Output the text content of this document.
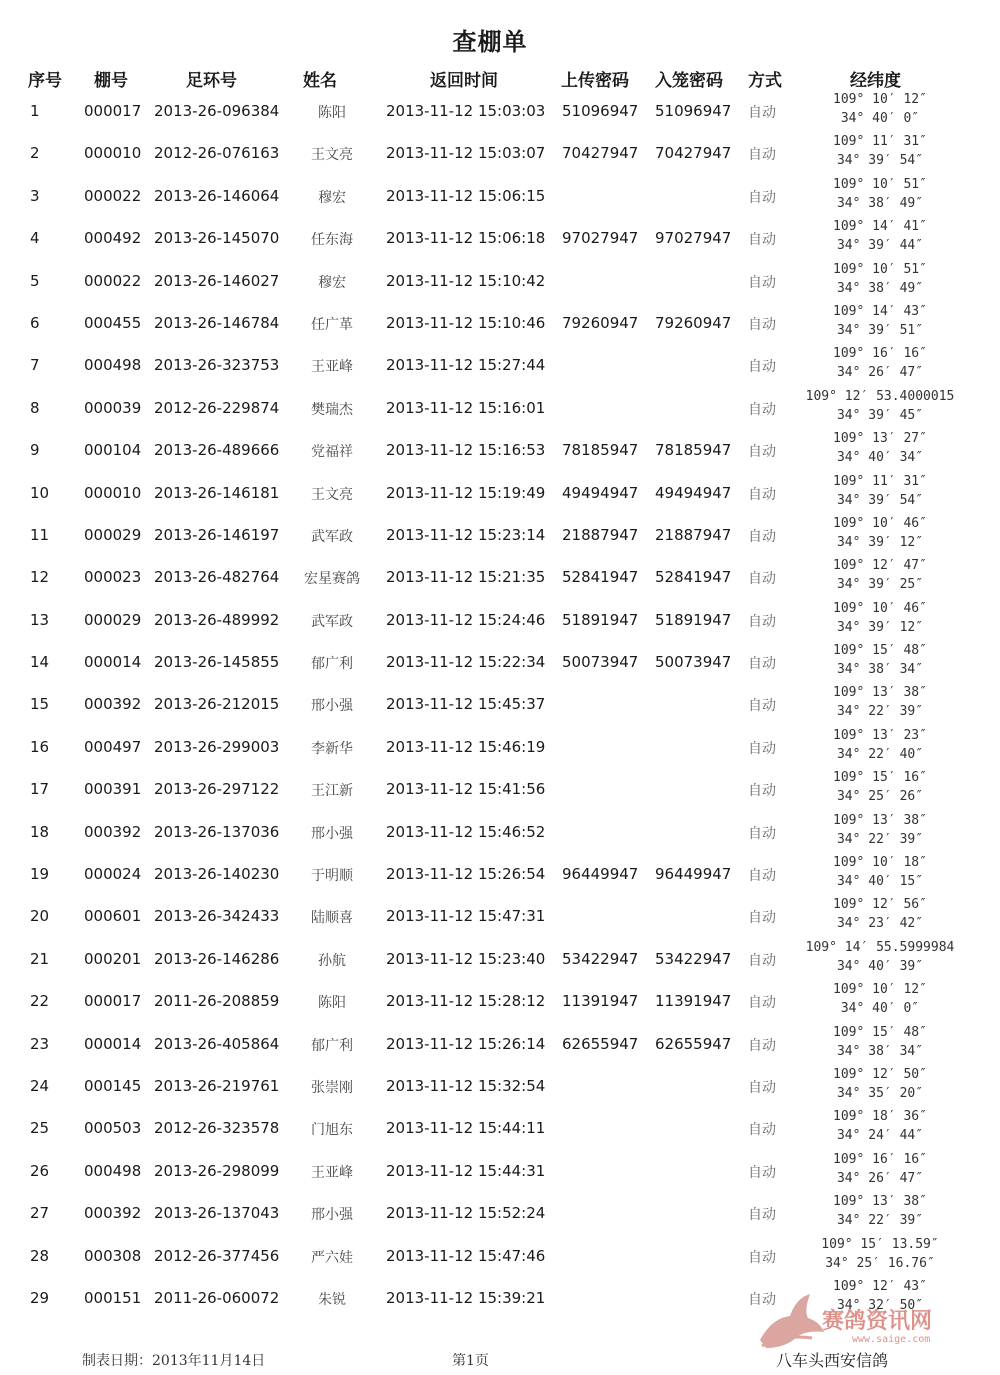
查棚单
序号 棚号	足环号	姓名	返回时间	上传密码 入笼密码 方式	经纬度
1	000017 2013-26-096384	陈阳	2013-11-12 15:03:03 51096947 51096947 自动
109° 10′ 12″
34° 40′ 0″
2	000010 2012-26-076163	王文亮	2013-11-12 15:03:07 70427947 70427947 自动
109° 11′ 31″
34° 39′ 54″
3	000022 2013-26-146064	穆宏	2013-11-12 15:06:15	自动
109° 10′ 51″
34° 38′ 49″
4	000492 2013-26-145070	任东海	2013-11-12 15:06:18 97027947 97027947 自动
109° 14′ 41″
34° 39′ 44″
5	000022 2013-26-146027	穆宏	2013-11-12 15:10:42	自动
109° 10′ 51″
34° 38′ 49″
6	000455 2013-26-146784	任广革	2013-11-12 15:10:46 79260947 79260947 自动
109° 14′ 43″
34° 39′ 51″
7	000498 2013-26-323753	王亚峰	2013-11-12 15:27:44	自动
109° 16′ 16″
34° 26′ 47″
8	000039 2012-26-229874	樊瑞杰	2013-11-12 15:16:01	自动
109° 12′ 53.4000015
34° 39′ 45″
9	000104 2013-26-489666	党福祥	2013-11-12 15:16:53 78185947 78185947 自动
109° 13′ 27″
34° 40′ 34″
10 000010 2013-26-146181	王文亮	2013-11-12 15:19:49 49494947 49494947 自动
109° 11′ 31″
34° 39′ 54″
11 000029 2013-26-146197	武军政	2013-11-12 15:23:14 21887947 21887947 自动
109° 10′ 46″
34° 39′ 12″
12 000023 2013-26-482764 宏星赛鸽 2013-11-12 15:21:35 52841947 52841947 自动
109° 12′ 47″
34° 39′ 25″
13 000029 2013-26-489992	武军政	2013-11-12 15:24:46 51891947 51891947 自动
109° 10′ 46″
34° 39′ 12″
14 000014 2013-26-145855	郁广利	2013-11-12 15:22:34 50073947 50073947 自动
109° 15′ 48″
34° 38′ 34″
15 000392 2013-26-212015	邢小强	2013-11-12 15:45:37	自动
109° 13′ 38″
34° 22′ 39″
16 000497 2013-26-299003	李新华	2013-11-12 15:46:19	自动
109° 13′ 23″
34° 22′ 40″
17 000391 2013-26-297122	王江新	2013-11-12 15:41:56	自动
109° 15′ 16″
34° 25′ 26″
18 000392 2013-26-137036	邢小强	2013-11-12 15:46:52	自动
109° 13′ 38″
34° 22′ 39″
19 000024 2013-26-140230	于明顺	2013-11-12 15:26:54 96449947 96449947 自动
109° 10′ 18″
34° 40′ 15″
20 000601 2013-26-342433	陆顺喜	2013-11-12 15:47:31	自动
109° 12′ 56″
34° 23′ 42″
21 000201 2013-26-146286	孙航	2013-11-12 15:23:40 53422947 53422947 自动
109° 14′ 55.5999984
34° 40′ 39″
22 000017 2011-26-208859	陈阳	2013-11-12 15:28:12 11391947 11391947 自动
109° 10′ 12″
34° 40′ 0″
23 000014 2013-26-405864	郁广利	2013-11-12 15:26:14 62655947 62655947 自动
109° 15′ 48″
34° 38′ 34″
24 000145 2013-26-219761	张崇刚	2013-11-12 15:32:54	自动
109° 12′ 50″
34° 35′ 20″
25 000503 2012-26-323578	门旭东	2013-11-12 15:44:11	自动
109° 18′ 36″
34° 24′ 44″
26 000498 2013-26-298099	王亚峰	2013-11-12 15:44:31	自动
109° 16′ 16″
34° 26′ 47″
27 000392 2013-26-137043	邢小强	2013-11-12 15:52:24	自动
109° 13′ 38″
34° 22′ 39″
28 000308 2012-26-377456	严六娃	2013-11-12 15:47:46	自动
109° 15′ 13.59″
34° 25′ 16.76″
29 000151 2011-26-060072	朱锐	2013-11-12 15:39:21	自动
109° 12′ 43″
34° 32′ 50″
制表日期：2013年11月14日	第1页
赛鸽资讯网
www.saige.com
八车头西安信鸽
